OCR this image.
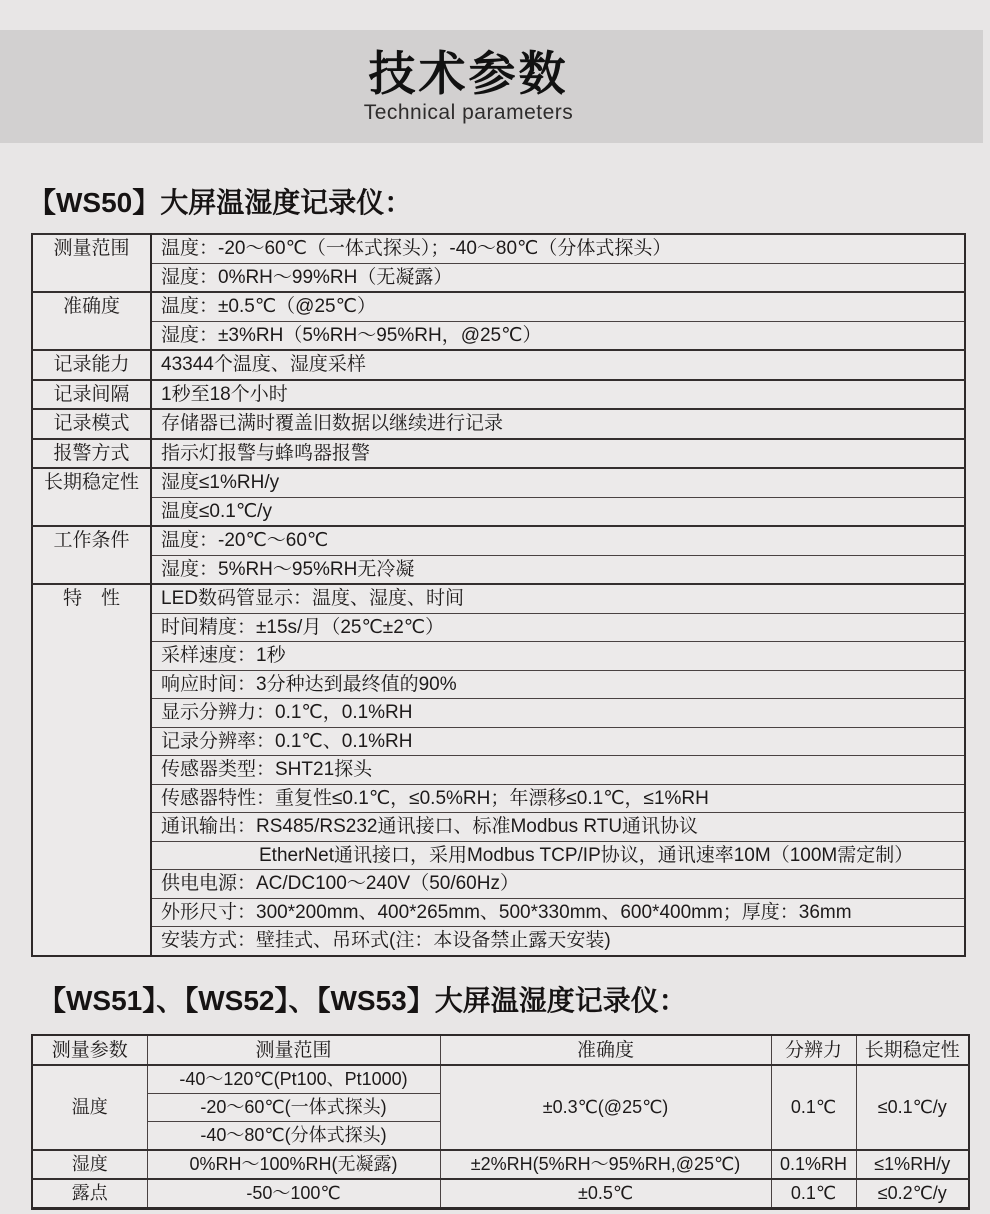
技术参数
Technical parameters
【WS50】大屏温湿度记录仪：
测量范围	温度：-20～60℃（一体式探头）；-40～80℃（分体式探头）
	湿度：0%RH～99%RH（无凝露）
准确度	温度：±0.5℃（@25℃）
	湿度：±3%RH（5%RH～95%RH，@25℃）
记录能力	43344个温度、湿度采样
记录间隔	1秒至18个小时
记录模式	存储器已满时覆盖旧数据以继续进行记录
报警方式	指示灯报警与蜂鸣器报警
长期稳定性	湿度≤1%RH/y
	温度≤0.1℃/y
工作条件	温度：-20℃～60℃
	湿度：5%RH～95%RH无冷凝
特　性	LED数码管显示：温度、湿度、时间
	时间精度：±15s/月（25℃±2℃）
	采样速度：1秒
	响应时间：3分种达到最终值的90%
	显示分辨力：0.1℃，0.1%RH
	记录分辨率：0.1℃、0.1%RH
	传感器类型：SHT21探头
	传感器特性：重复性≤0.1℃，≤0.5%RH；年漂移≤0.1℃，≤1%RH
	通讯输出：RS485/RS232通讯接口、标准Modbus RTU通讯协议
	EtherNet通讯接口，采用Modbus TCP/IP协议，通讯速率10M（100M需定制）
	供电电源：AC/DC100～240V（50/60Hz）
	外形尺寸：300*200mm、400*265mm、500*330mm、600*400mm；厚度：36mm
	安装方式：壁挂式、吊环式(注：本设备禁止露天安装)
【WS51】、【WS52】、【WS53】大屏温湿度记录仪：
测量参数	测量范围	准确度	分辨力	长期稳定性
温度	-40～120℃(Pt100、Pt1000)	±0.3℃(@25℃)	0.1℃	≤0.1℃/y
	-20～60℃(一体式探头)			
	-40～80℃(分体式探头)			
湿度	0%RH～100%RH(无凝露)	±2%RH(5%RH～95%RH,@25℃)	0.1%RH	≤1%RH/y
露点	-50～100℃	±0.5℃	0.1℃	≤0.2℃/y
